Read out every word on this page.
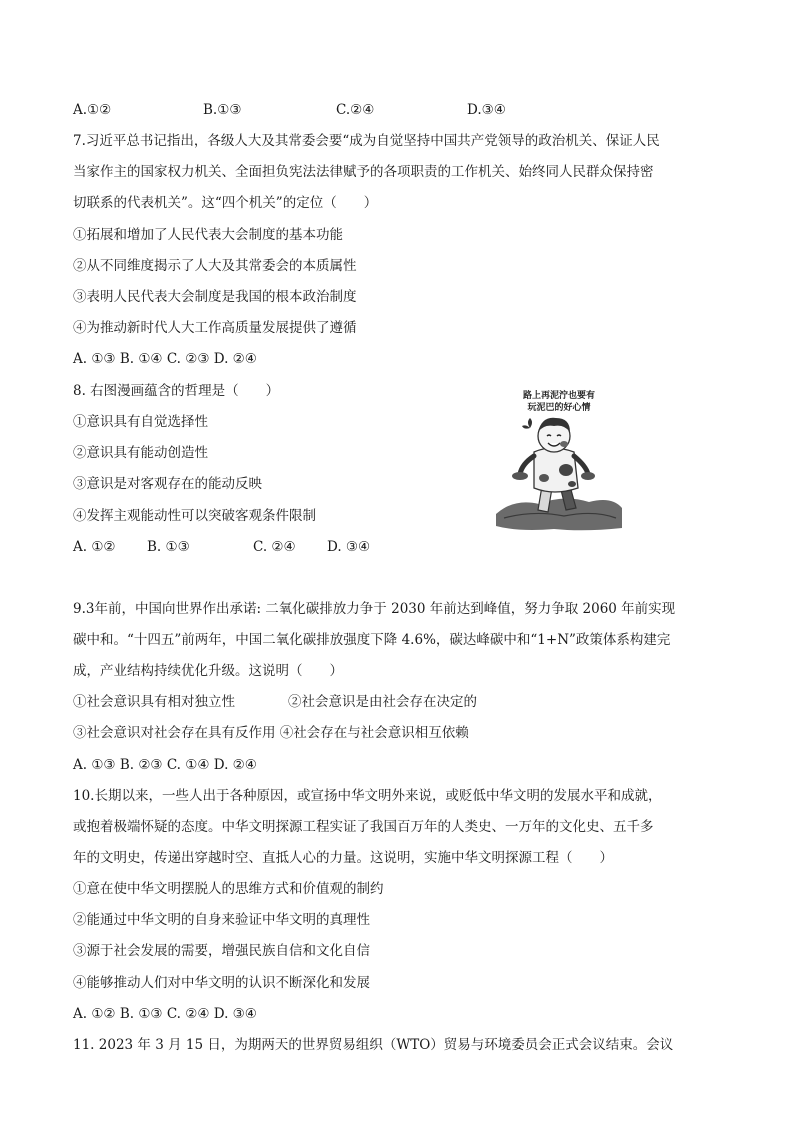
A.①②	B.①③	C.②④	D.③④
7.习近平总书记指出，各级人大及其常委会要“成为自觉坚持中国共产党领导的政治机关、保证人民
当家作主的国家权力机关、全面担负宪法法律赋予的各项职责的工作机关、始终同人民群众保持密
切联系的代表机关”。这“四个机关”的定位（　　）
①拓展和增加了人民代表大会制度的基本功能
②从不同维度揭示了人大及其常委会的本质属性
③表明人民代表大会制度是我国的根本政治制度
④为推动新时代人大工作高质量发展提供了遵循
A. ①③ B. ①④ C. ②③ D. ②④
8. 右图漫画蕴含的哲理是（　　）
①意识具有自觉选择性
②意识具有能动创造性
③意识是对客观存在的能动反映
④发挥主观能动性可以突破客观条件限制
A. ①② B. ①③	C. ②④ D. ③④
路上再泥泞也要有
玩泥巴的好心情
9.3年前，中国向世界作出承诺: 二氧化碳排放力争于 2030 年前达到峰值，努力争取 2060 年前实现
碳中和。“十四五”前两年，中国二氧化碳排放强度下降 4.6%，碳达峰碳中和“1+N”政策体系构建完
成，产业结构持续优化升级。这说明（　　）
①社会意识具有相对独立性	②社会意识是由社会存在决定的
③社会意识对社会存在具有反作用 ④社会存在与社会意识相互依赖
A. ①③ B. ②③ C. ①④ D. ②④
10.长期以来，一些人出于各种原因，或宣扬中华文明外来说，或贬低中华文明的发展水平和成就，
或抱着极端怀疑的态度。中华文明探源工程实证了我国百万年的人类史、一万年的文化史、五千多
年的文明史，传递出穿越时空、直抵人心的力量。这说明，实施中华文明探源工程（　　）
①意在使中华文明摆脱人的思维方式和价值观的制约
②能通过中华文明的自身来验证中华文明的真理性
③源于社会发展的需要，增强民族自信和文化自信
④能够推动人们对中华文明的认识不断深化和发展
A. ①② B. ①③ C. ②④ D. ③④
11. 2023 年 3 月 15 日，为期两天的世界贸易组织（WTO）贸易与环境委员会正式会议结束。会议
